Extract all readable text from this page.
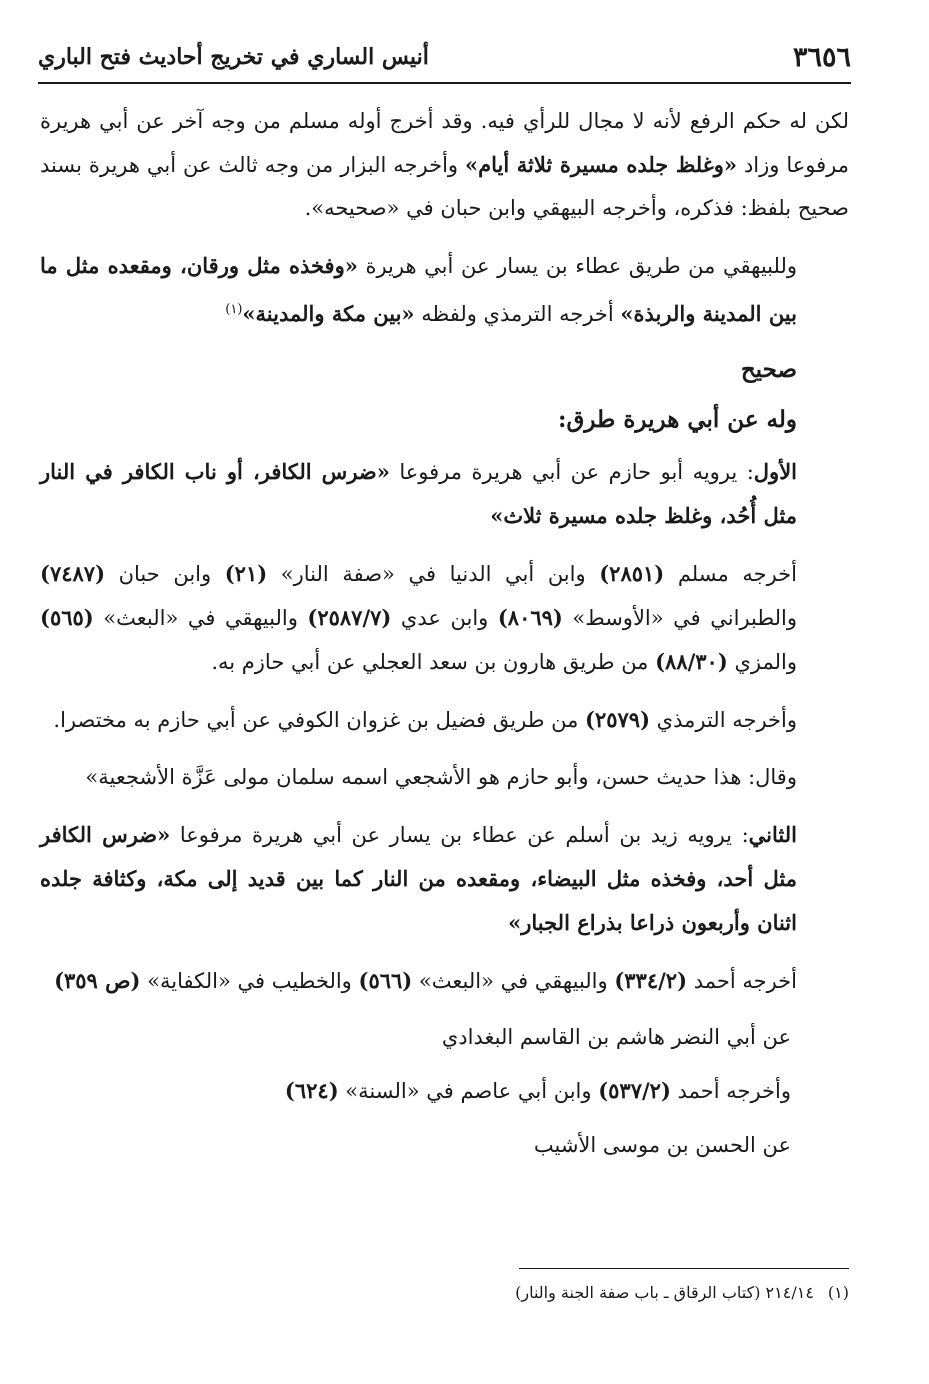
٣٦٥٦
أنيس الساري في تخريج أحاديث فتح الباري

لكن له حكم الرفع لأنه لا مجال للرأي فيه. وقد أخرج أوله مسلم من وجه آخر عن أبي هريرة مرفوعا وزاد «وغلظ جلده مسيرة ثلاثة أيام» وأخرجه البزار من وجه ثالث عن أبي هريرة بسند صحيح بلفظ: فذكره، وأخرجه البيهقي وابن حبان في «صحيحه».

وللبيهقي من طريق عطاء بن يسار عن أبي هريرة «وفخذه مثل ورقان، ومقعده مثل ما بين المدينة والربذة» أخرجه الترمذي ولفظه «بين مكة والمدينة»$^{(١)}$

صحيح
وله عن أبي هريرة طرق:

الأول: يرويه أبو حازم عن أبي هريرة مرفوعا «ضرس الكافر، أو ناب الكافر في النار مثل أُحُد، وغلظ جلده مسيرة ثلاث»

أخرجه مسلم (٢٨٥١) وابن أبي الدنيا في «صفة النار» (٢١) وابن حبان (٧٤٨٧) والطبراني في «الأوسط» (٨٠٦٩) وابن عدي (٢٥٨٧/٧) والبيهقي في «البعث» (٥٦٥) والمزي (٨٨/٣٠) من طريق هارون بن سعد العجلي عن أبي حازم به.

وأخرجه الترمذي (٢٥٧٩) من طريق فضيل بن غزوان الكوفي عن أبي حازم به مختصرا.

وقال: هذا حديث حسن، وأبو حازم هو الأشجعي اسمه سلمان مولى عَزَّة الأشجعية»

الثاني: يرويه زيد بن أسلم عن عطاء بن يسار عن أبي هريرة مرفوعا «ضرس الكافر مثل أحد، وفخذه مثل البيضاء، ومقعده من النار كما بين قديد إلى مكة، وكثافة جلده اثنان وأربعون ذراعا بذراع الجبار»

أخرجه أحمد (٣٣٤/٢) والبيهقي في «البعث» (٥٦٦) والخطيب في «الكفاية» (ص ٣٥٩)

عن أبي النضر هاشم بن القاسم البغدادي

وأخرجه أحمد (٥٣٧/٢) وابن أبي عاصم في «السنة» (٦٢٤)

عن الحسن بن موسى الأشيب

(١)٢١٤/١٤ (كتاب الرقاق ـ باب صفة الجنة والنار)
